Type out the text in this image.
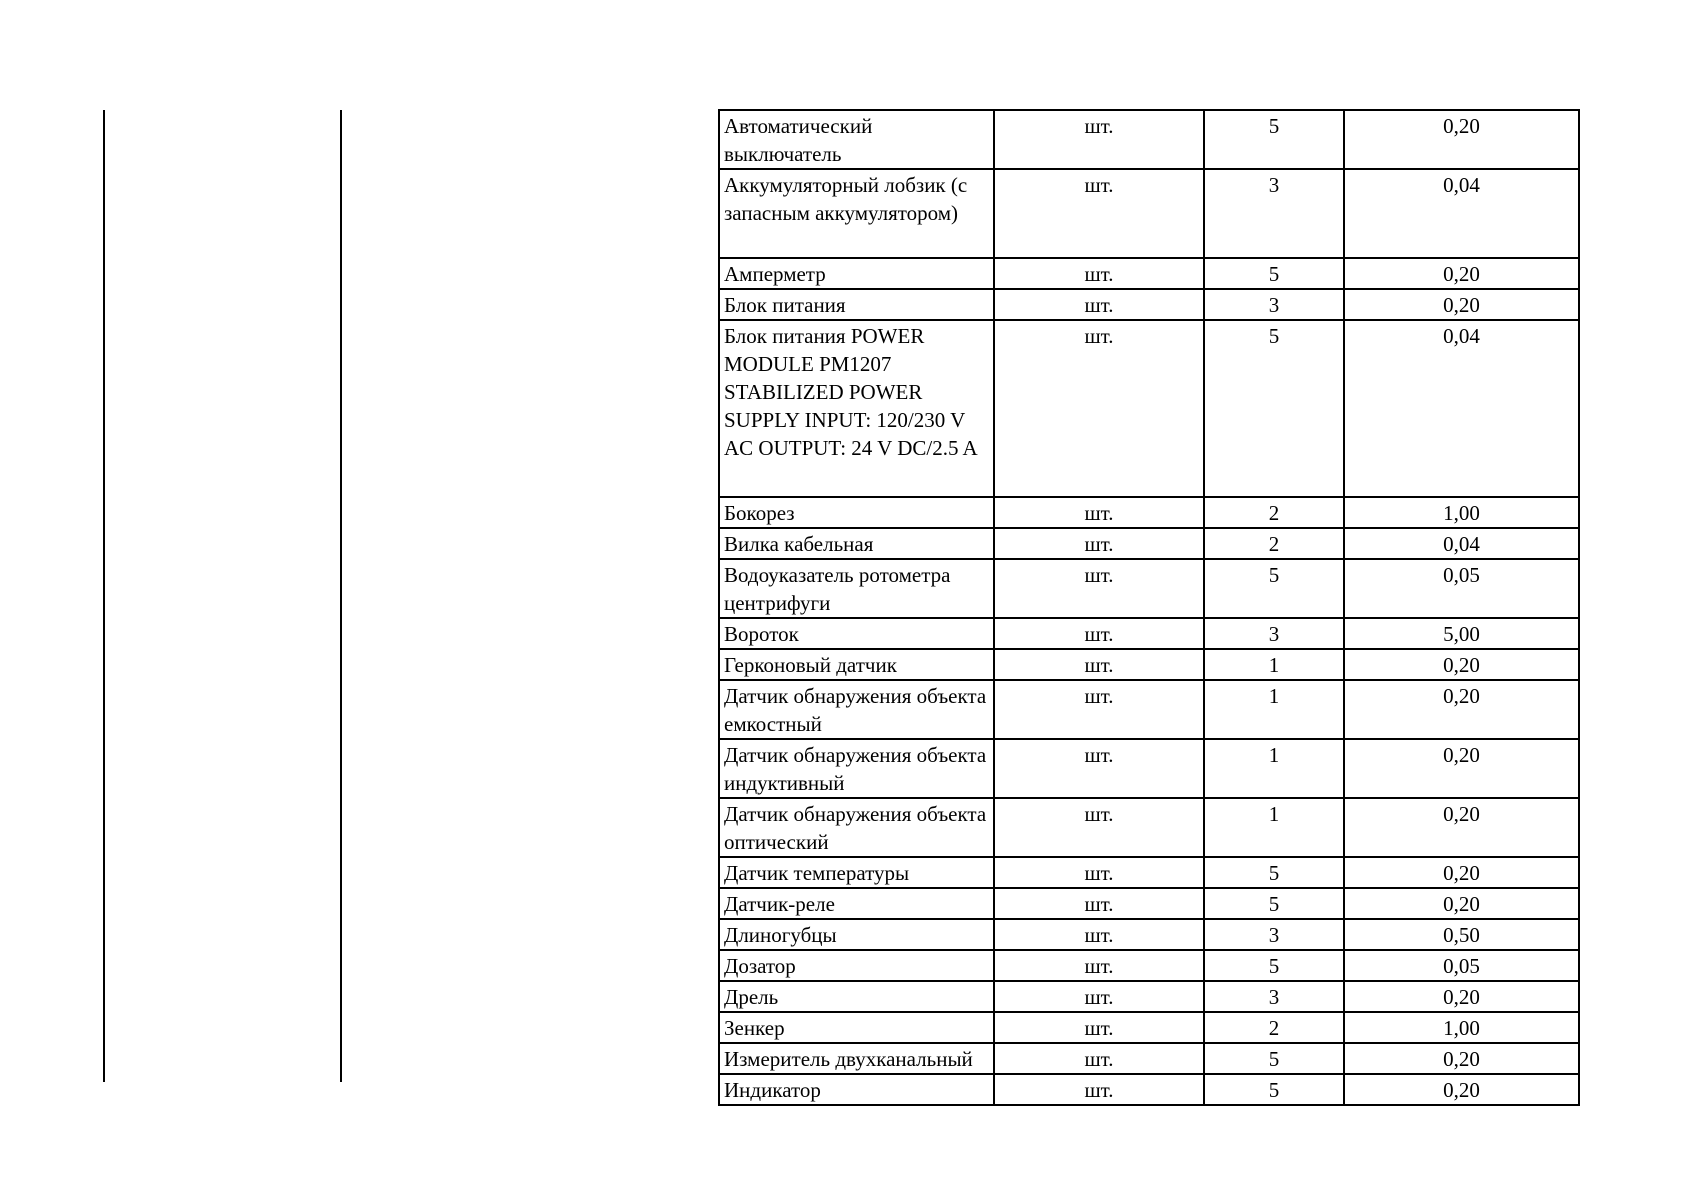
Автоматический выключатель	шт.	5	0,20
Аккумуляторный лобзик (с запасным аккумулятором)	шт.	3	0,04
Амперметр	шт.	5	0,20
Блок питания	шт.	3	0,20
Блок питания POWER MODULE PM1207 STABILIZED POWER SUPPLY INPUT: 120/230 V AC OUTPUT: 24 V DC/2.5 A	шт.	5	0,04
Бокорез	шт.	2	1,00
Вилка кабельная	шт.	2	0,04
Водоуказатель ротометра центрифуги	шт.	5	0,05
Вороток	шт.	3	5,00
Герконовый датчик	шт.	1	0,20
Датчик обнаружения объекта емкостный	шт.	1	0,20
Датчик обнаружения объекта индуктивный	шт.	1	0,20
Датчик обнаружения объекта оптический	шт.	1	0,20
Датчик температуры	шт.	5	0,20
Датчик-реле	шт.	5	0,20
Длиногубцы	шт.	3	0,50
Дозатор	шт.	5	0,05
Дрель	шт.	3	0,20
Зенкер	шт.	2	1,00
Измеритель двухканальный	шт.	5	0,20
Индикатор	шт.	5	0,20
